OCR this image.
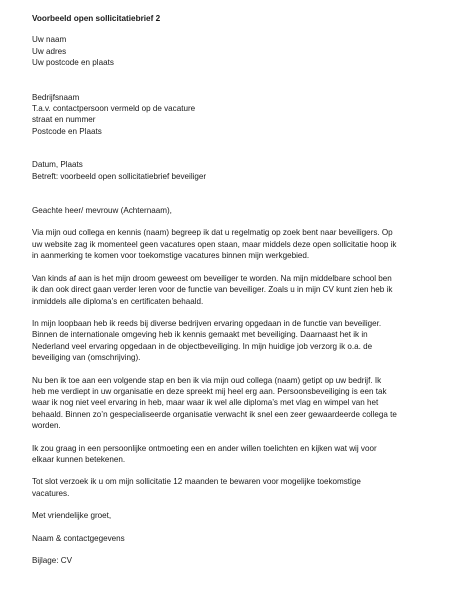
Voorbeeld open sollicitatiebrief 2

Uw naam
Uw adres
Uw postcode en plaats
Bedrijfsnaam
T.a.v. contactpersoon vermeld op de vacature
straat en nummer
Postcode en Plaats
Datum, Plaats
Betreft: voorbeeld open sollicitatiebrief beveiliger
Geachte heer/ mevrouw (Achternaam),
Via mijn oud collega en kennis (naam) begreep ik dat u regelmatig op zoek bent naar beveiligers. Op
uw website zag ik momenteel geen vacatures open staan, maar middels deze open sollicitatie hoop ik
in aanmerking te komen voor toekomstige vacatures binnen mijn werkgebied.
Van kinds af aan is het mijn droom geweest om beveiliger te worden. Na mijn middelbare school ben
ik dan ook direct gaan verder leren voor de functie van beveiliger. Zoals u in mijn CV kunt zien heb ik
inmiddels alle diploma’s en certificaten behaald.
In mijn loopbaan heb ik reeds bij diverse bedrijven ervaring opgedaan in de functie van beveiliger.
Binnen de internationale omgeving heb ik kennis gemaakt met beveiliging. Daarnaast het ik in
Nederland veel ervaring opgedaan in de objectbeveiliging. In mijn huidige job verzorg ik o.a. de
beveiliging van (omschrijving).
Nu ben ik toe aan een volgende stap en ben ik via mijn oud collega (naam) getipt op uw bedrijf. Ik
heb me verdiept in uw organisatie en deze spreekt mij heel erg aan. Persoonsbeveiliging is een tak
waar ik nog niet veel ervaring in heb, maar waar ik wel alle diploma’s met vlag en wimpel van het
behaald. Binnen zo’n gespecialiseerde organisatie verwacht ik snel een zeer gewaardeerde collega te
worden.
Ik zou graag in een persoonlijke ontmoeting een en ander willen toelichten en kijken wat wij voor
elkaar kunnen betekenen.
Tot slot verzoek ik u om mijn sollicitatie 12 maanden te bewaren voor mogelijke toekomstige
vacatures.
Met vriendelijke groet,
Naam & contactgegevens
Bijlage: CV
